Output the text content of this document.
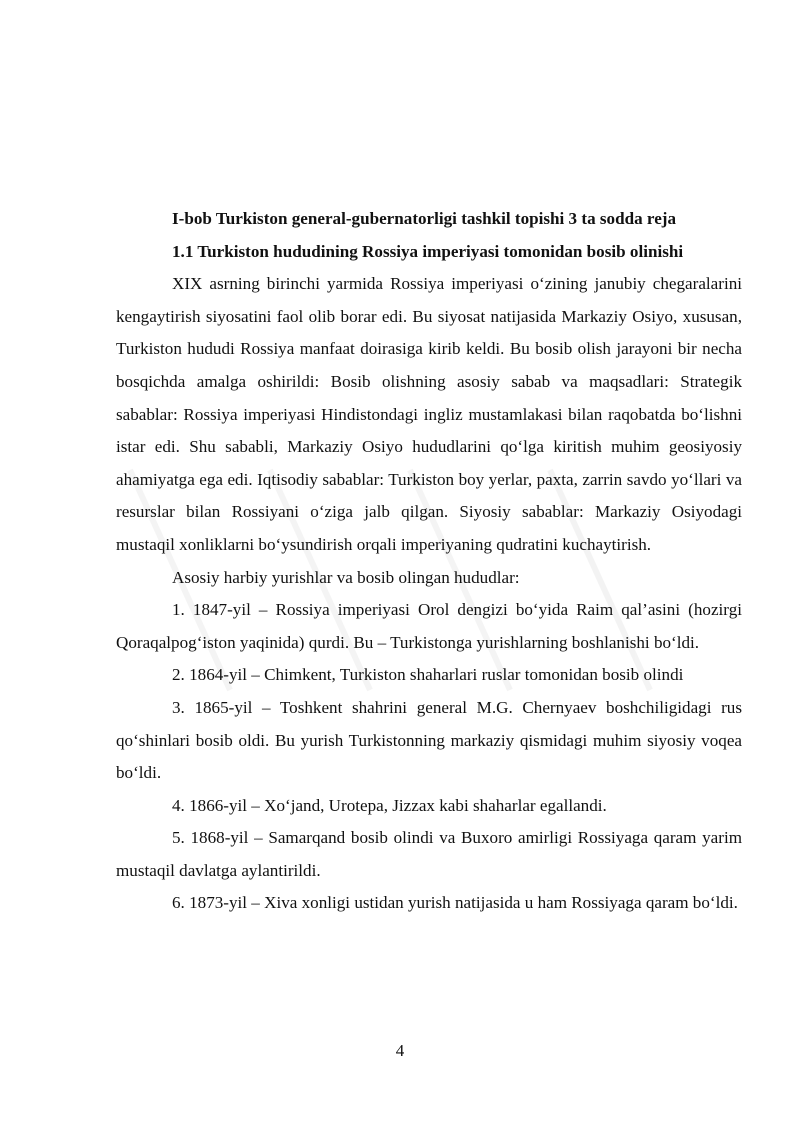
I-bob Turkiston general-gubernatorligi tashkil topishi 3 ta sodda reja

1.1 Turkiston hududining Rossiya imperiyasi tomonidan bosib olinishi

XIX asrning birinchi yarmida Rossiya imperiyasi o‘zining janubiy chegaralarini kengaytirish siyosatini faol olib borar edi. Bu siyosat natijasida Markaziy Osiyo, xususan, Turkiston hududi Rossiya manfaat doirasiga kirib keldi. Bu bosib olish jarayoni bir necha bosqichda amalga oshirildi: Bosib olishning asosiy sabab va maqsadlari: Strategik sabablar: Rossiya imperiyasi Hindistondagi ingliz mustamlakasi bilan raqobatda bo‘lishni istar edi. Shu sababli, Markaziy Osiyo hududlarini qo‘lga kiritish muhim geosiyosiy ahamiyatga ega edi. Iqtisodiy sabablar: Turkiston boy yerlar, paxta, zarrin savdo yo‘llari va resurslar bilan Rossiyani o‘ziga jalb qilgan. Siyosiy sabablar: Markaziy Osiyodagi mustaqil xonliklarni bo‘ysundirish orqali imperiyaning qudratini kuchaytirish.

Asosiy harbiy yurishlar va bosib olingan hududlar:

1. 1847-yil – Rossiya imperiyasi Orol dengizi bo‘yida Raim qal’asini (hozirgi Qoraqalpog‘iston yaqinida) qurdi. Bu – Turkistonga yurishlarning boshlanishi bo‘ldi.

2. 1864-yil – Chimkent, Turkiston shaharlari ruslar tomonidan bosib olindi

3. 1865-yil – Toshkent shahrini general M.G. Chernyaev boshchiligidagi rus qo‘shinlari bosib oldi. Bu yurish Turkistonning markaziy qismidagi muhim siyosiy voqea bo‘ldi.

4. 1866-yil – Xo‘jand, Urotepa, Jizzax kabi shaharlar egallandi.

5. 1868-yil – Samarqand bosib olindi va Buxoro amirligi Rossiyaga qaram yarim mustaqil davlatga aylantirildi.

6. 1873-yil – Xiva xonligi ustidan yurish natijasida u ham Rossiyaga qaram bo‘ldi.

4
